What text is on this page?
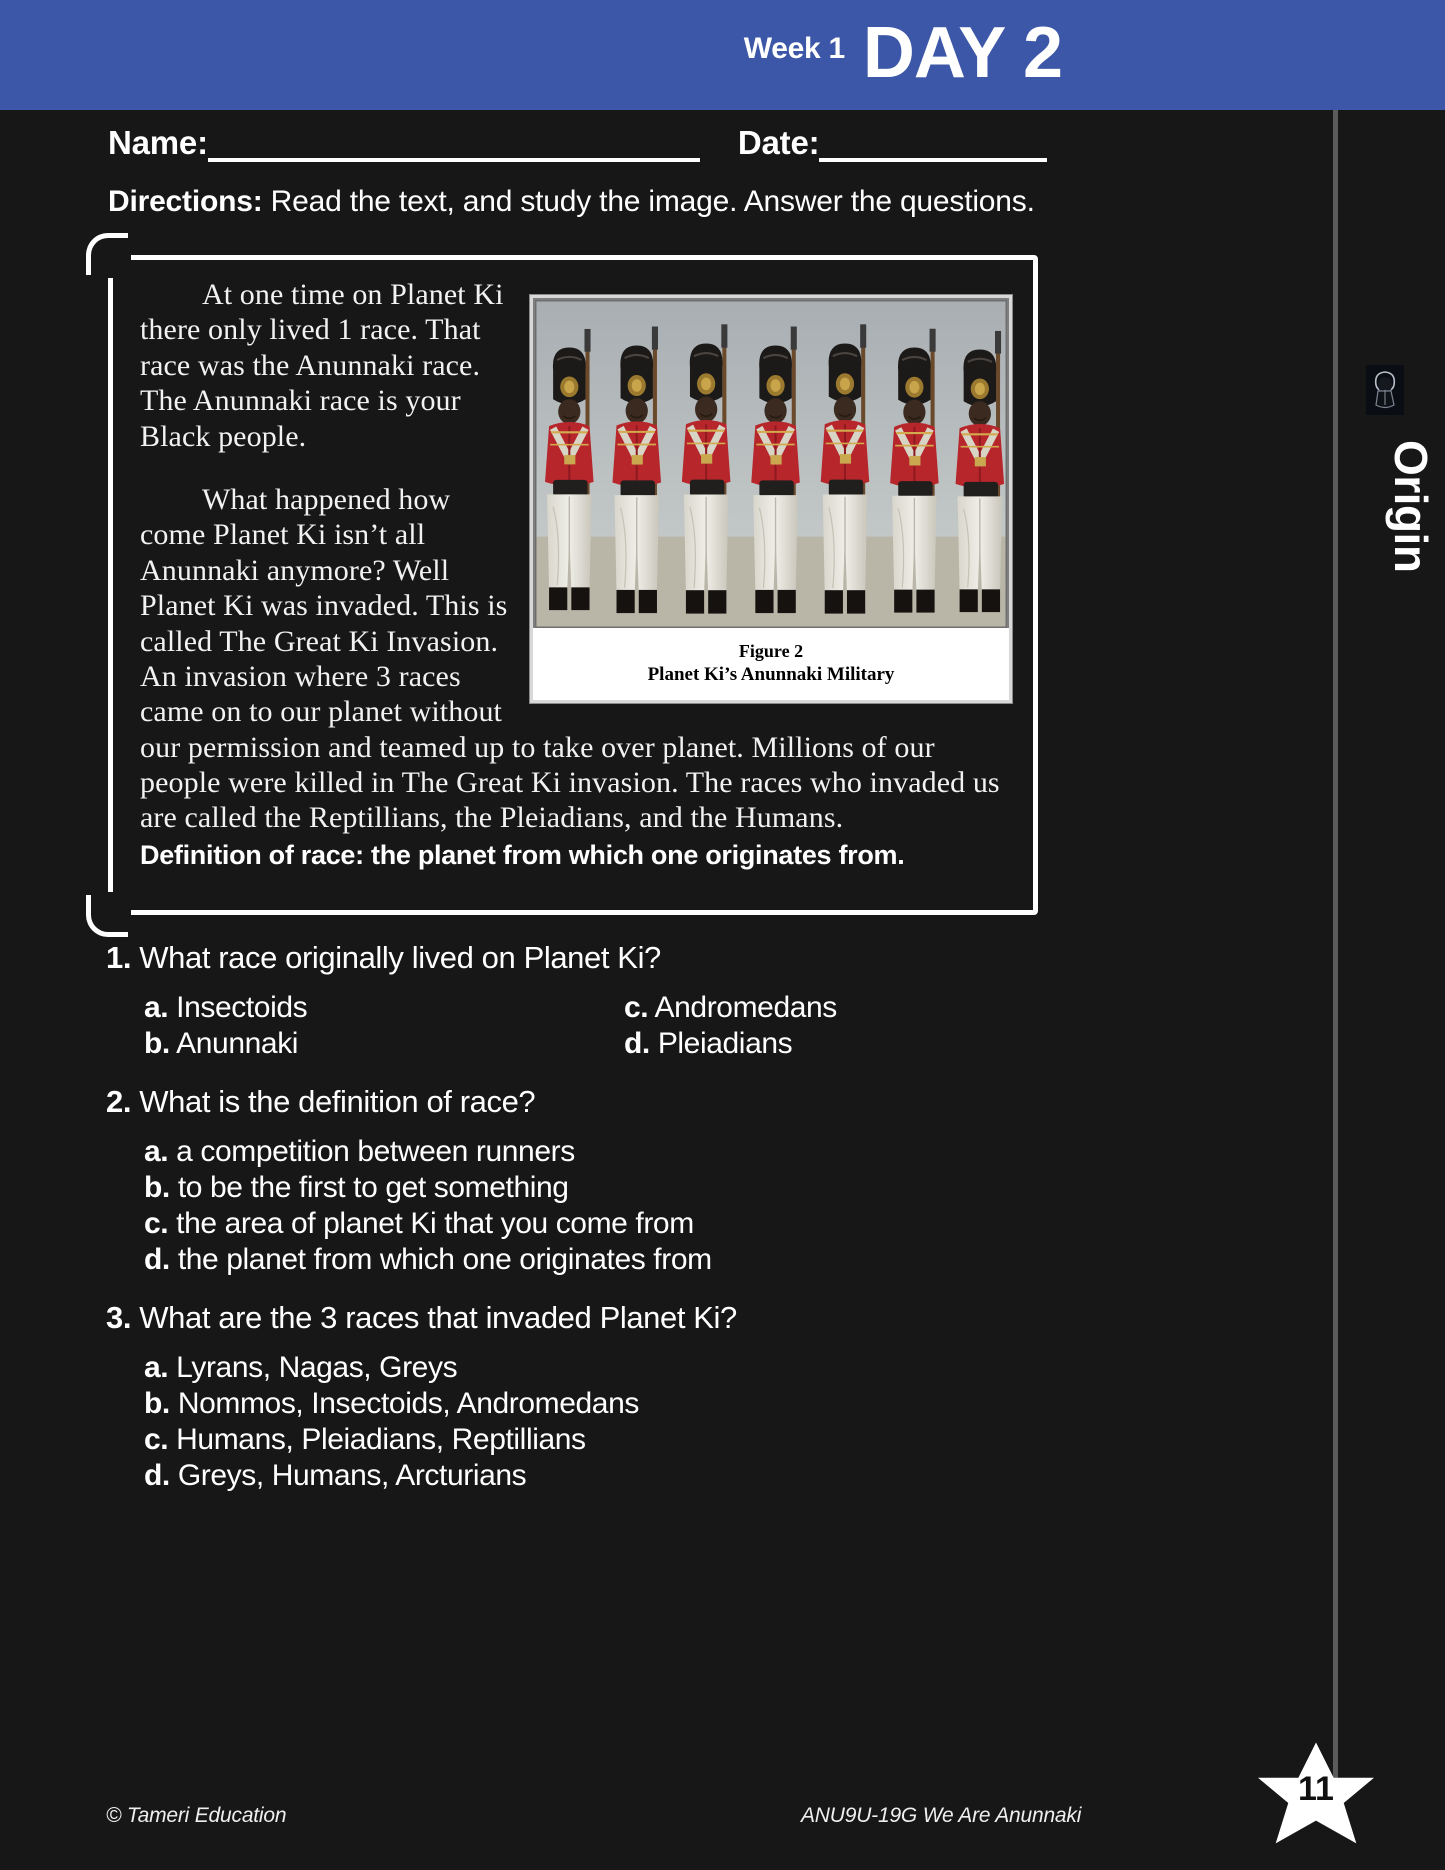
Week 1 DAY 2
Origin
Name:	Date:
Directions: Read the text, and study the image. Answer the questions.
Figure 2
Planet Ki’s Anunnaki Military

At one time on Planet Ki there only lived 1 race. That race was the Anunnaki race. The Anunnaki race is your Black people.

What happened how come Planet Ki isn’t all Anunnaki anymore? Well Planet Ki was invaded. This is called The Great Ki Invasion. An invasion where 3 races came on to our planet without our permission and teamed up to take over planet. Millions of our people were killed in The Great Ki invasion. The races who invaded us are called the Reptillians, the Pleiadians, and the Humans.

Definition of race: the planet from which one originates from.
1. What race originally lived on Planet Ki?
a. Insectoids
b. Anunnaki
c. Andromedans
d. Pleiadians
2. What is the definition of race?
a. a competition between runners
b. to be the first to get something
c. the area of planet Ki that you come from
d. the planet from which one originates from
3. What are the 3 races that invaded Planet Ki?
a. Lyrans, Nagas, Greys
b. Nommos, Insectoids, Andromedans
c. Humans, Pleiadians, Reptillians
d. Greys, Humans, Arcturians
© Tameri Education	ANU9U-19G We Are Anunnaki
11
